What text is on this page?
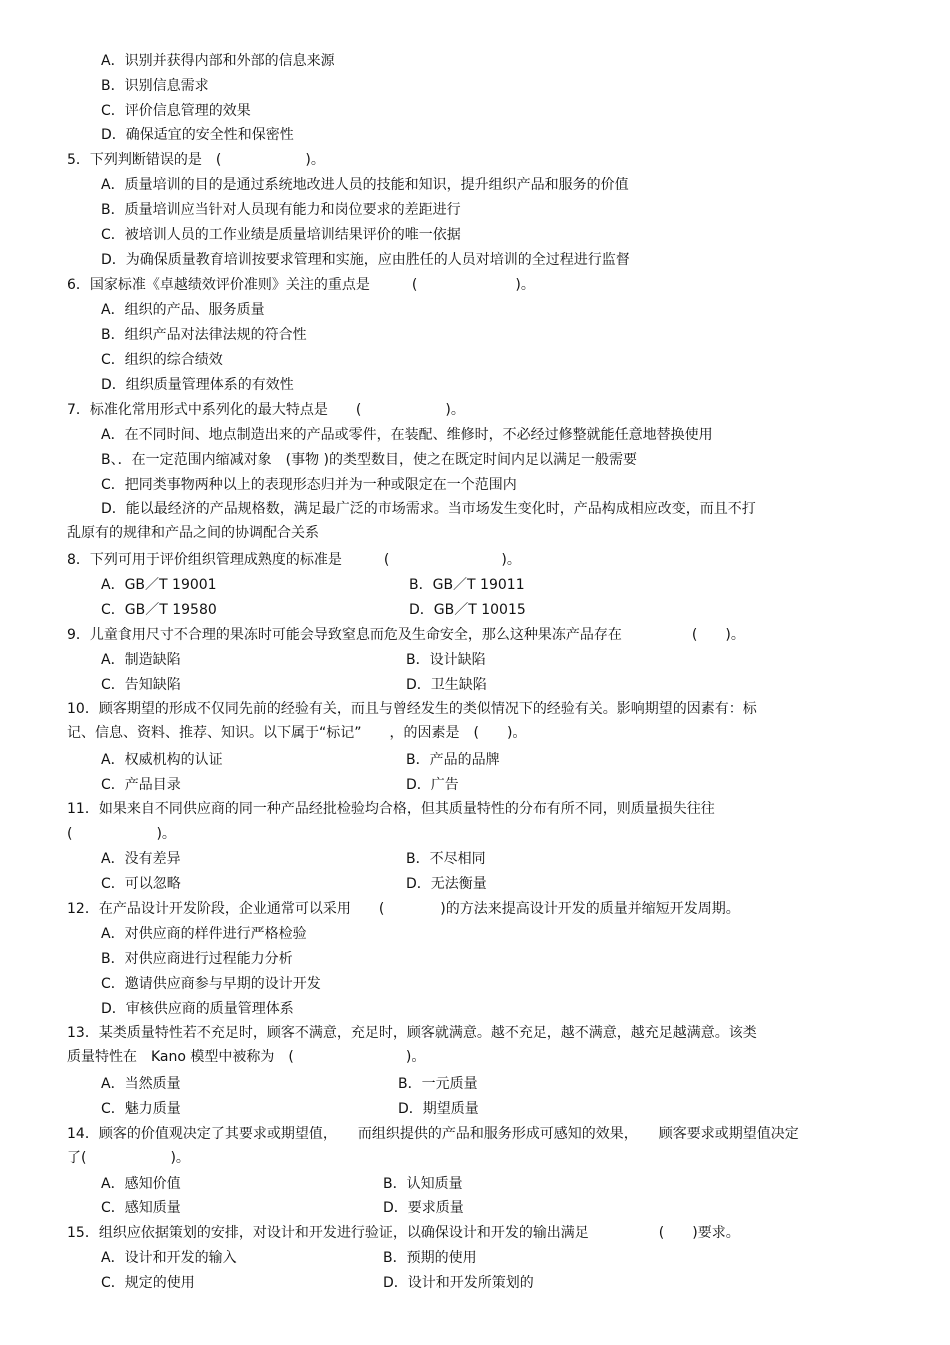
A．识别并获得内部和外部的信息来源
B．识别信息需求
C．评价信息管理的效果
D．确保适宜的安全性和保密性
5．下列判断错误的是　(　　　　　　)。
A．质量培训的目的是通过系统地改进人员的技能和知识，提升组织产品和服务的价值
B．质量培训应当针对人员现有能力和岗位要求的差距进行
C．被培训人员的工作业绩是质量培训结果评价的唯一依据
D．为确保质量教育培训按要求管理和实施，应由胜任的人员对培训的全过程进行监督
6．国家标准《卓越绩效评价准则》关注的重点是　　　(　　　　　　　)。
A．组织的产品、服务质量
B．组织产品对法律法规的符合性
C．组织的综合绩效
D．组织质量管理体系的有效性
7．标准化常用形式中系列化的最大特点是　　(　　　　　　)。
A．在不同时间、地点制造出来的产品或零件，在装配、维修时，不必经过修整就能任意地替换使用
B、．在一定范围内缩减对象　(事物 )的类型数目，使之在既定时间内足以满足一般需要
C．把同类事物两种以上的表现形态归并为一种或限定在一个范围内
D．能以最经济的产品规格数，满足最广泛的市场需求。当市场发生变化时，产品构成相应改变，而且不打
乱原有的规律和产品之间的协调配合关系
8．下列可用于评价组织管理成熟度的标准是　　　(　　　　　　　　)。
A．GB／T 19001	B．GB／T 19011
C．GB／T 19580	D．GB／T 10015
9．儿童食用尺寸不合理的果冻时可能会导致窒息而危及生命安全，那么这种果冻产品存在　　　　　(　　)。
A．制造缺陷	B．设计缺陷
C．告知缺陷	D．卫生缺陷
10．顾客期望的形成不仅同先前的经验有关，而且与曾经发生的类似情况下的经验有关。影响期望的因素有：标
记、信息、资料、推荐、知识。以下属于“标记”　　，的因素是　(　　)。
A．权威机构的认证	B．产品的品牌
C．产品目录	D．广告
11．如果来自不同供应商的同一种产品经批检验均合格，但其质量特性的分布有所不同，则质量损失往往
(　　　　　　)。
A．没有差异	B．不尽相同
C．可以忽略	D．无法衡量
12．在产品设计开发阶段，企业通常可以采用　　(　　　　)的方法来提高设计开发的质量并缩短开发周期。
A．对供应商的样件进行严格检验
B．对供应商进行过程能力分析
C．邀请供应商参与早期的设计开发
D．审核供应商的质量管理体系
13．某类质量特性若不充足时，顾客不满意，充足时，顾客就满意。越不充足，越不满意，越充足越满意。该类
质量特性在　Kano 模型中被称为　(　　　　　　　　)。
A．当然质量	B．一元质量
C．魅力质量	D．期望质量
14．顾客的价值观决定了其要求或期望值，　　而组织提供的产品和服务形成可感知的效果，　　顾客要求或期望值决定
了(　　　　　　)。
A．感知价值	B．认知质量
C．感知质量	D．要求质量
15．组织应依据策划的安排，对设计和开发进行验证，以确保设计和开发的输出满足　　　　　(　　)要求。
A．设计和开发的输入	B．预期的使用
C．规定的使用	D．设计和开发所策划的
